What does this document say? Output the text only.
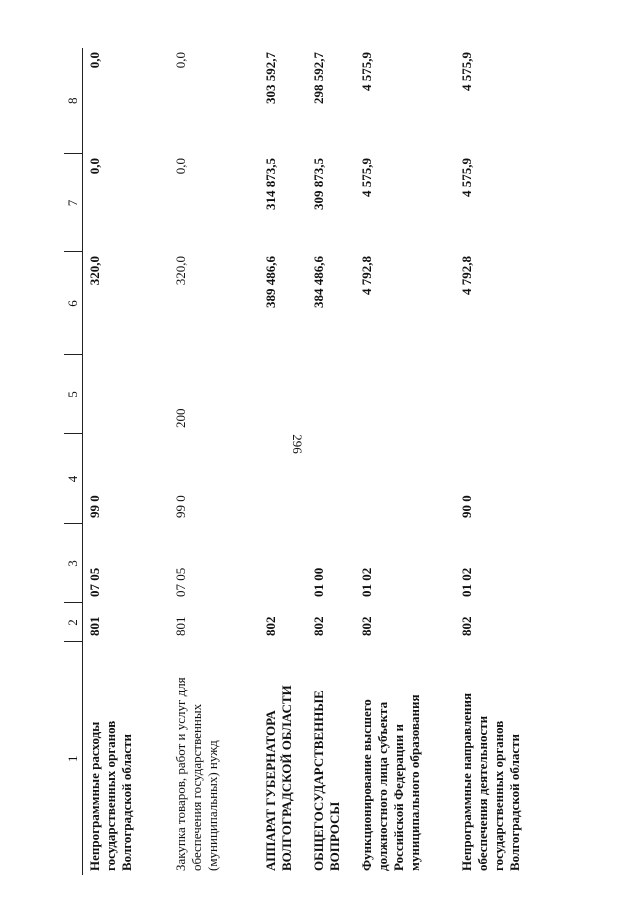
296
1	2	3	4	5	6	7	8
Непрограммные расходы государственных органов Волгоградской области	801	07 05	99 0		320,0	0,0	0,0
Закупка товаров, работ и услуг для обеспечения государственных (муниципальных) нужд	801	07 05	99 0	200	320,0	0,0	0,0
АППАРАТ ГУБЕРНАТОРА ВОЛГОГРАДСКОЙ ОБЛАСТИ	802				389 486,6	314 873,5	303 592,7
ОБЩЕГОСУДАРСТВЕННЫЕ ВОПРОСЫ	802	01 00			384 486,6	309 873,5	298 592,7
Функционирование высшего должностного лица субъекта Российской Федерации и муниципального образования	802	01 02			4 792,8	4 575,9	4 575,9
Непрограммные направления обеспечения деятельности государственных органов Волгоградской области	802	01 02	90 0		4 792,8	4 575,9	4 575,9
